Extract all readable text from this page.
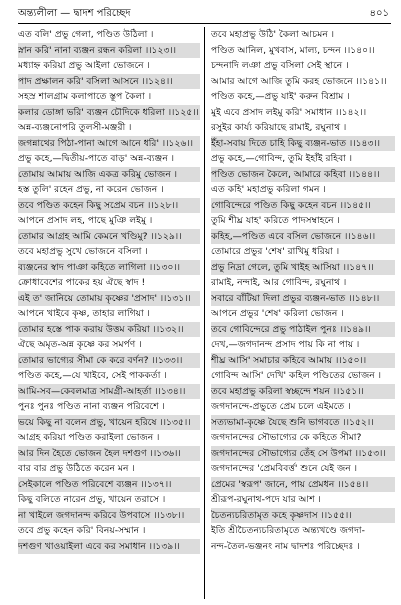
অন্ত্যলীলা — দ্বাদশ পরিচ্ছেদ	৪০১
এত বলি' প্রভু গেলা, পণ্ডিত উঠিলা ।
স্নান করি' নানা ব্যঞ্জন রন্ধন করিলা ।।১২৩।।
মধ্যাহ্ন করিয়া প্রভু আইলা ভোজনে ।
পাদ প্রক্ষালন করি' বসিলা আসনে ।।১২৪।।
সহস্র শালগ্রাম কলাপাতে স্তূপ কৈলা ।
কলার ডোঙ্গা ভরি' ব্যঞ্জন চৌদিকে ধরিলা ।।১২৫।।
অন্ন-ব্যঞ্জনোপরি তুলসী-মঞ্জরী ।
জগন্নাথের পিঠা-পানা আগে আনে ধরি' ।।১২৬।।
প্রভু কহে,—দ্বিতীয়-পাতে বাড়' অন্ন-ব্যঞ্জন ।
তোমায় আমায় আজি একত্র করিমু ভোজন ।
হস্ত তুলি' রহেন প্রভু, না করেন ভোজন ।
তবে পণ্ডিত কহেন কিছু সপ্রেম বচন ।।১২৮।।
আপনে প্রসাদ লহ, পাছে মুঞি লইমু ।
তোমার আগ্রহ আমি কেমনে খণ্ডিমু? ।।১২৯।।
তবে মহাপ্রভু সুখে ভোজনে বসিলা ।
ব্যঞ্জনের স্বাদ পাঞা কহিতে লাগিলা ।।১৩০।।
ক্রোধাবেশের পাকের হয় ঐছে স্বাদ !
এই ত' জানিয়ে তোমায় কৃষ্ণের 'প্রসাদ' ।।১৩১।।
আপনে খাইবে কৃষ্ণ, তাহার লাগিয়া ।
তোমার হস্তে পাক করায় উত্তম করিয়া ।।১৩২।।
ঐছে অমৃত-অন্ন কৃষ্ণে কর সমর্পণ ।
তোমার ভাগ্যের সীমা কে করে বর্ণন? ।।১৩৩।।
পণ্ডিত কহে,—যে খাইবে, সেই পাককর্তা ।
আমি-সব—কেবলমাত্র সামগ্রী-আহর্তা ।।১৩৪।।
পুনঃ পুনঃ পণ্ডিত নানা ব্যঞ্জন পরিবেশে ।
ভয়ে কিছু না বলেন প্রভু, খায়েন হরিষে ।।১৩৫।।
আগ্রহ করিয়া পণ্ডিত করাইলা ভোজন ।
আর দিন হৈতে ভোজন হৈল দশগুণ ।।১৩৬।।
বার বার প্রভু উঠিতে করেন মন ।
সেইকালে পণ্ডিত পরিবেশে ব্যঞ্জন ।।১৩৭।।
কিছু বলিতে নারেন প্রভু, খায়েন তরাসে ।
না খাইলে জগদানন্দ করিবে উপবাসে ।।১৩৮।।
তবে প্রভু কহেন করি' বিনয়-সম্মান ।
দশগুণ খাওয়াইলা এবে কর সমাধান ।।১৩৯।।
তবে মহাপ্রভু উঠি' কৈলা আচমন ।
পণ্ডিত আনিল, মুখবাস, মাল্য, চন্দন ।।১৪০।।
চন্দনাদি লঞা প্রভু বসিলা সেই স্থানে ।
আমার আগে আজি তুমি করহ ভোজনে ।।১৪১।।
পণ্ডিত কহে,—প্রভু যাই' করুন বিশ্রাম ।
মুই এবে প্রসাদ লইমু করি' সমাধান ।।১৪২।।
রসুইর কার্য্য করিয়াছে রামাই, রঘুনাথ ।
ইঁহা-সবায় দিতে চাহি কিছু ব্যঞ্জন-ভাত ।।১৪৩।।
প্রভু কহে,—গোবিন্দ, তুমি ইহাঁই রহিবা ।
পণ্ডিত ভোজন কৈলে, আমারে কহিবা ।।১৪৪।।
এত কহি' মহাপ্রভু করিলা গমন ।
গোবিন্দেরে পণ্ডিত কিছু কহেন বচন ।।১৪৫।।
তুমি শীঘ্র যাহ' করিতে পাদসম্বাহনে ।
কহিহ,—পণ্ডিত এবে বসিল ভোজনে ।।১৪৬।।
তোমারে প্রভুর 'শেষ' রাখিমু ধরিয়া ।
প্রভু নিদ্রা গেলে, তুমি খাইহ আসিয়া ।।১৪৭।।
রামাই, নন্দাই, আর গোবিন্দ, রঘুনাথ ।
সবারে বাঁটিয়া দিলা প্রভুর ব্যঞ্জন-ভাত ।।১৪৮।।
আপনে প্রভুর 'শেষ' করিলা ভোজন ।
তবে গোবিন্দেরে প্রভু পাঠাইল পুনঃ ।।১৪৯।।
দেখ,—জগদানন্দ প্রসাদ পায় কি না পায় ।
শীঘ্র আসি' সমাচার কহিবে আমায় ।।১৫০।।
গোবিন্দ আসি' দেখি' কহিল পণ্ডিতের ভোজন ।
তবে মহাপ্রভু করিলা স্বচ্ছন্দে শয়ন ।।১৫১।।
জগদানন্দে-প্রভুতে প্রেম চলে এইমতে ।
সত্যভামা-কৃষ্ণে যৈছে শুনি ভাগবতে ।।১৫২।।
জগদানন্দের সৌভাগ্যের কে কহিতে সীমা?
জগদানন্দের সৌভাগ্যের তেঁহ সে উপমা ।।১৫৩।।
জগদানন্দের 'প্রেমবিবর্ত্ত' শুনে যেই জন ।
প্রেমের 'স্বরূপ' জানে, পায় প্রেমধন ।।১৫৪।।
শ্রীরূপ-রঘুনাথ-পদে যার আশ ।
চৈতন্যচরিতামৃত কহে কৃষ্ণদাস ।।১৫৫।।
ইতি শ্রীচৈতন্যচরিতামৃতে অন্ত্যখণ্ডে জগদা-
নন্দ-তৈল-ভঞ্জনং নাম দ্বাদশঃ পরিচ্ছেদঃ ।
